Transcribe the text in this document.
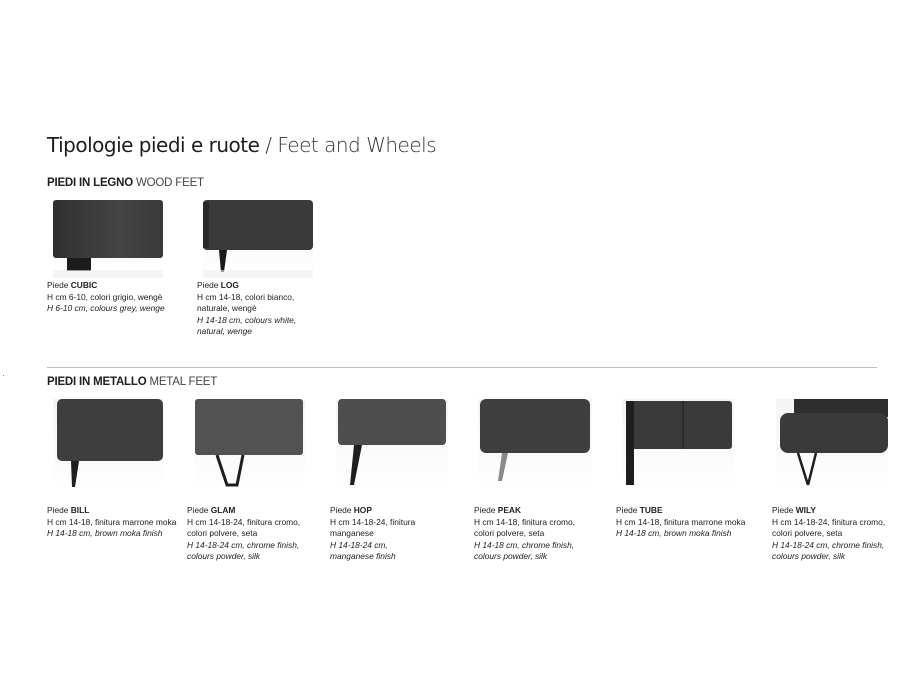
Tipologie piedi e ruote / Feet and Wheels
PIEDI IN LEGNO WOOD FEET
Piede CUBIC
H cm 6-10, colori grigio, wengè
H 6-10 cm, colours grey, wenge
Piede LOG
H cm 14-18, colori bianco,
naturale, wengè
H 14-18 cm, colours white,
natural, wenge
·
PIEDI IN METALLO METAL FEET
Piede BILL
H cm 14-18, finitura marrone moka
H 14-18 cm, brown moka finish
Piede GLAM
H cm 14-18-24, finitura cromo,
colori polvere, seta
H 14-18-24 cm, chrome finish,
colours powder, silk
Piede HOP
H cm 14-18-24, finitura
manganese
H 14-18-24 cm,
manganese finish
Piede PEAK
H cm 14-18, finitura cromo,
colori polvere, seta
H 14-18 cm, chrome finish,
colours powder, silk
Piede TUBE
H cm 14-18, finitura marrone moka
H 14-18 cm, brown moka finish
Piede WILY
H cm 14-18-24, finitura cromo,
colori polvere, seta
H 14-18-24 cm, chrome finish,
colours powder, silk
